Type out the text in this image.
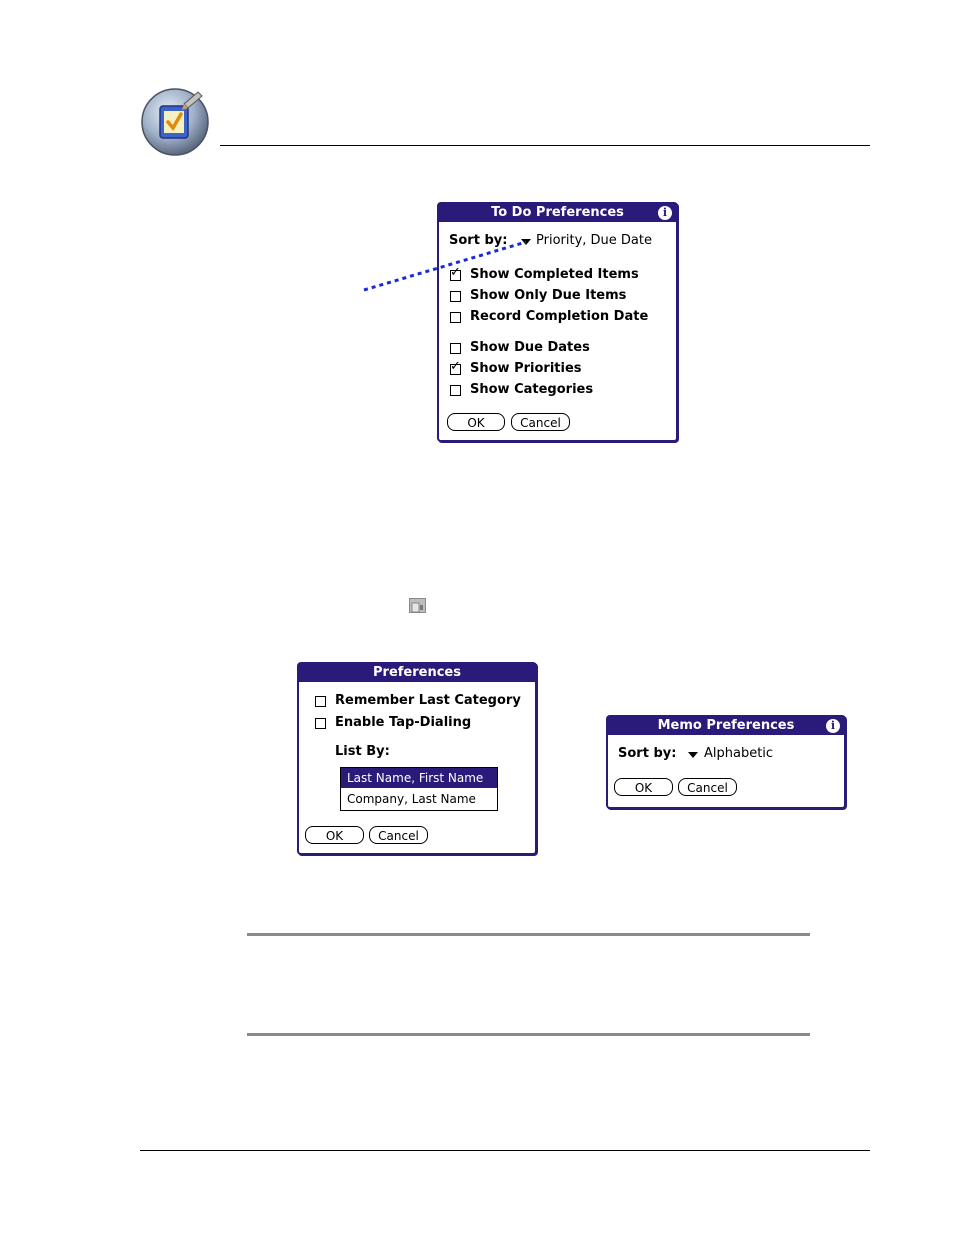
To Do Preferences	i
Sort by: Priority, Due Date
✓
Show Completed Items
Show Only Due Items
Record Completion Date
Show Due Dates
✓
Show Priorities
Show Categories
OK	Cancel
Preferences
Remember Last Category
Enable Tap-Dialing
List By:
Last Name, First Name
Company, Last Name
OK	Cancel
Memo Preferences	i
Sort by: Alphabetic
OK	Cancel
